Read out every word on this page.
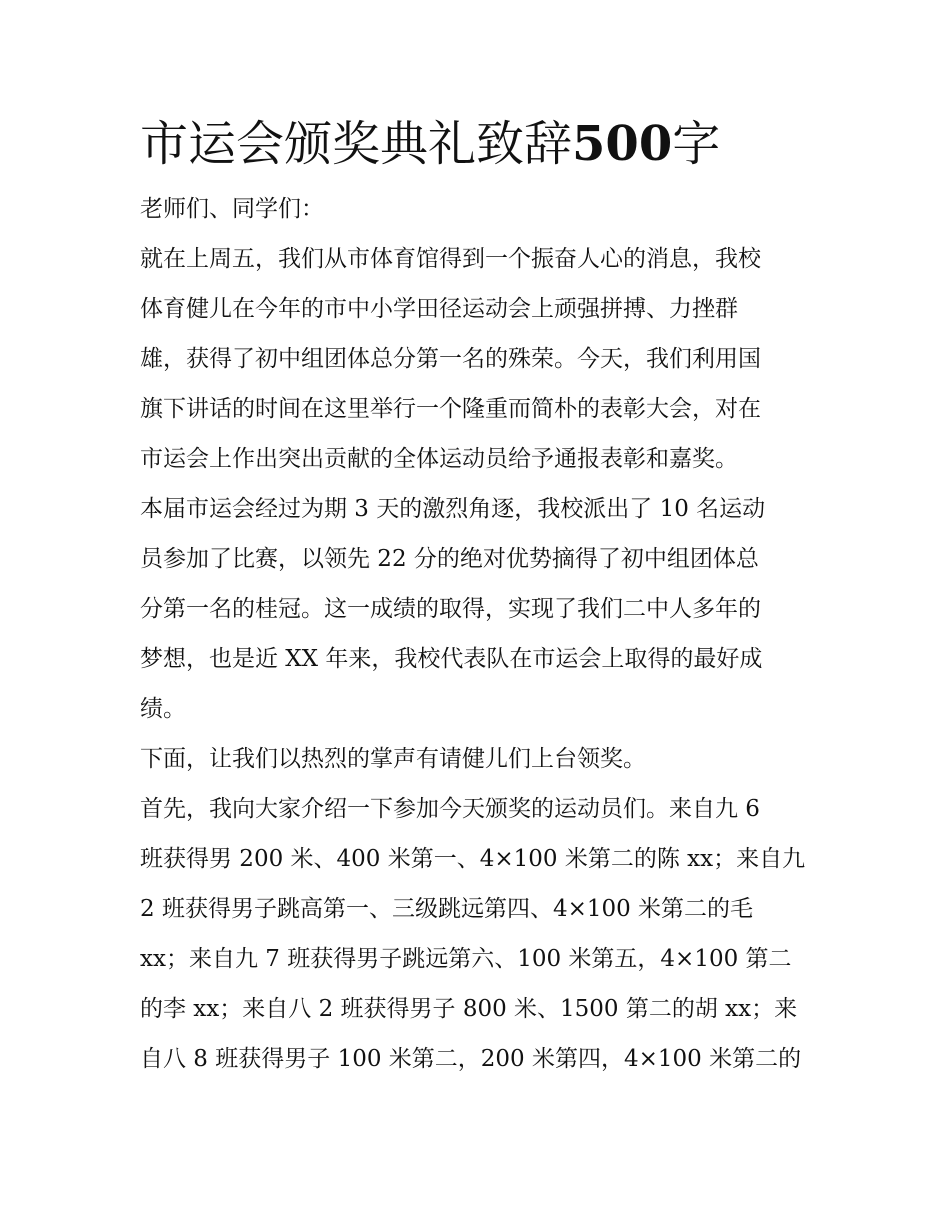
市运会颁奖典礼致辞500字

老师们、同学们：

就在上周五，我们从市体育馆得到一个振奋人心的消息，我校
体育健儿在今年的市中小学田径运动会上顽强拼搏、力挫群
雄，获得了初中组团体总分第一名的殊荣。今天，我们利用国
旗下讲话的时间在这里举行一个隆重而简朴的表彰大会，对在
市运会上作出突出贡献的全体运动员给予通报表彰和嘉奖。

本届市运会经过为期 3 天的激烈角逐，我校派出了 10 名运动
员参加了比赛，以领先 22 分的绝对优势摘得了初中组团体总
分第一名的桂冠。这一成绩的取得，实现了我们二中人多年的
梦想，也是近 XX 年来，我校代表队在市运会上取得的最好成
绩。

下面，让我们以热烈的掌声有请健儿们上台领奖。

首先，我向大家介绍一下参加今天颁奖的运动员们。来自九 6
班获得男 200 米、400 米第一、4×100 米第二的陈 xx；来自九
2 班获得男子跳高第一、三级跳远第四、4×100 米第二的毛
xx；来自九 7 班获得男子跳远第六、100 米第五，4×100 第二
的李 xx；来自八 2 班获得男子 800 米、1500 第二的胡 xx；来
自八 8 班获得男子 100 米第二，200 米第四，4×100 米第二的
